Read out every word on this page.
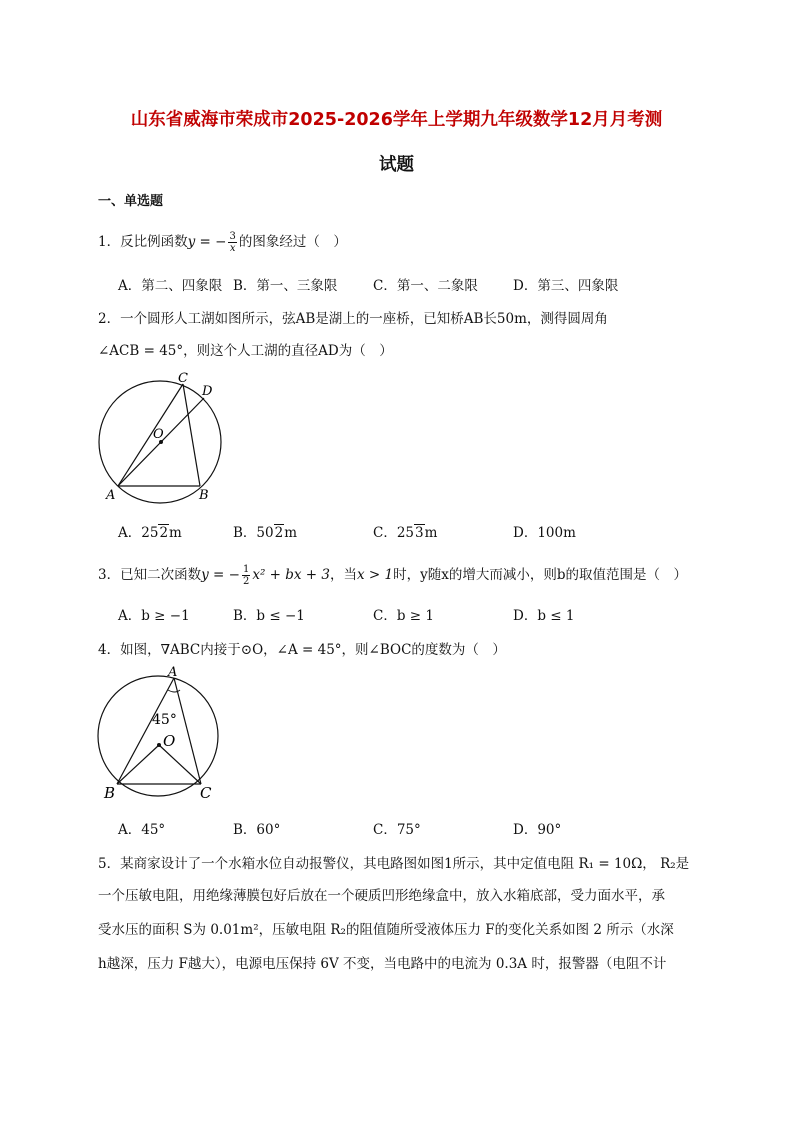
山东省威海市荣成市2025-2026学年上学期九年级数学12月月考测
试题
一、单选题
1．反比例函数y = − $\frac{3}{x}$ 的图象经过（　）
A．第二、四象限 B．第一、三象限	C．第一、二象限	D．第三、四象限
2．一个圆形人工湖如图所示，弦AB是湖上的一座桥，已知桥AB长50m，测得圆周角
∠ACB = 45°，则这个人工湖的直径AD为（　）
C
D
O
A	B
A．252m	B．502m	C．253m	D．100m
3．已知二次函数y = − $\frac{1}{2} x^2$ + bx + 3，当x > 1时，y随x的增大而减小，则b的取值范围是（　）
A．b ≥ −1	B．b ≤ −1	C．b ≥ 1	D．b ≤ 1
4．如图，∇ABC内接于⊙O，∠A = 45°，则∠BOC的度数为（　）
A
45°
O
B	C
A．45°	B．60°	C．75°	D．90°
5．某商家设计了一个水箱水位自动报警仪，其电路图如图1所示，其中定值电阻 R₁ = 10Ω， R₂是
一个压敏电阻，用绝缘薄膜包好后放在一个硬质凹形绝缘盒中，放入水箱底部，受力面水平，承
受水压的面积 S为 0.01m²，压敏电阻 R₂的阻值随所受液体压力 F的变化关系如图 2 所示（水深
h越深，压力 F越大），电源电压保持 6V 不变，当电路中的电流为 0.3A 时，报警器（电阻不计
